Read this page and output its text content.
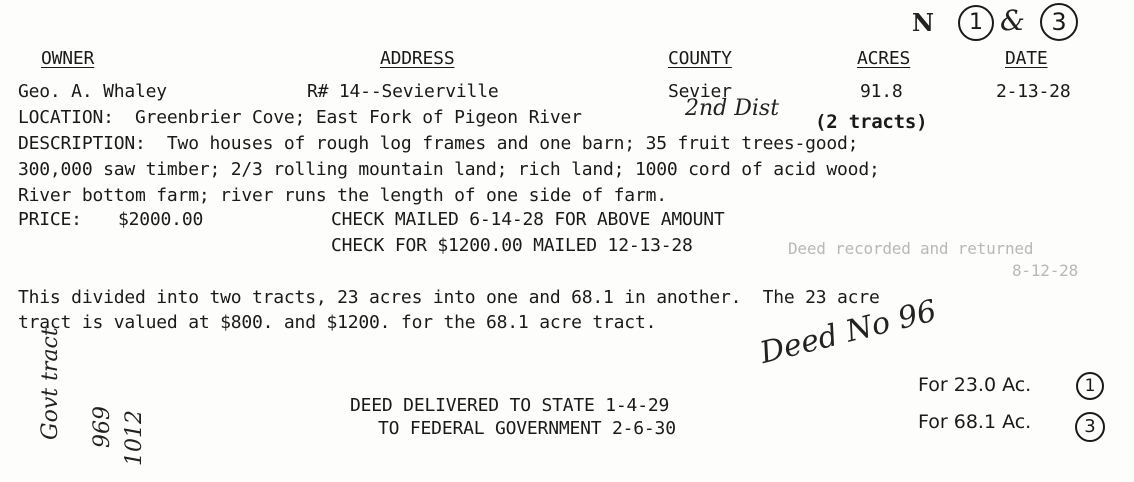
N	1 &	3
OWNER	ADDRESS	COUNTY	ACRES	DATE
Geo. A. Whaley	R# 14--Sevierville	Sevier	91.8	2-13-28
LOCATION:  Greenbrier Cove; East Fork of Pigeon River	2nd Dist
(2 tracts)
DESCRIPTION:  Two houses of rough log frames and one barn; 35 fruit trees-good;
300,000 saw timber; 2/3 rolling mountain land; rich land; 1000 cord of acid wood;
River bottom farm; river runs the length of one side of farm.
PRICE: $2000.00	CHECK MAILED 6-14-28 FOR ABOVE AMOUNT
CHECK FOR $1200.00 MAILED 12-13-28	Deed recorded and returned
8-12-28
This divided into two tracts, 23 acres into one and 68.1 in another.  The 23 acre
tract is valued at $800. and $1200. for the 68.1 acre tract.	Deed No 96
DEED DELIVERED TO STATE 1-4-29
TO FEDERAL GOVERNMENT 2-6-30
Govt tract 969 1012
For 23.0 Ac.	1
For 68.1 Ac.	3
